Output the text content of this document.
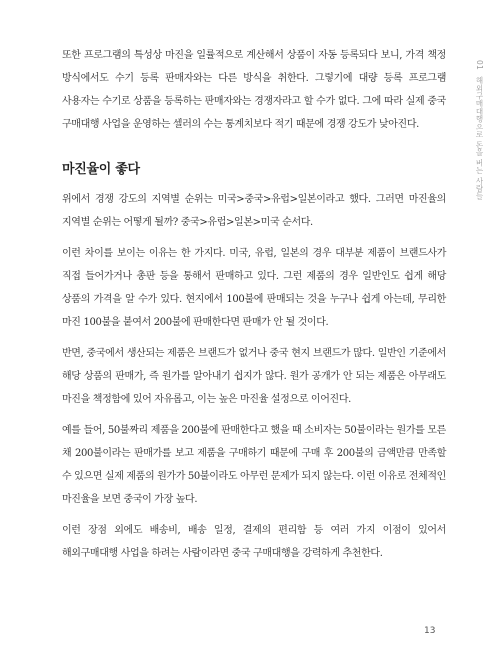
01 해외구매대행으로 돈을 버는 사람들

또한 프로그램의 특성상 마진을 일률적으로 계산해서 상품이 자동 등록되다 보니, 가격 책정 방식에서도 수기 등록 판매자와는 다른 방식을 취한다. 그렇기에 대량 등록 프로그램 사용자는 수기로 상품을 등록하는 판매자와는 경쟁자라고 할 수가 없다. 그에 따라 실제 중국 구매대행 사업을 운영하는 셀러의 수는 통계치보다 적기 때문에 경쟁 강도가 낮아진다.

마진율이 좋다

위에서 경쟁 강도의 지역별 순위는 미국>중국>유럽>일본이라고 했다. 그러면 마진율의 지역별 순위는 어떻게 될까? 중국>유럽>일본>미국 순서다.

이런 차이를 보이는 이유는 한 가지다. 미국, 유럽, 일본의 경우 대부분 제품이 브랜드사가 직접 들어가거나 총판 등을 통해서 판매하고 있다. 그런 제품의 경우 일반인도 쉽게 해당 상품의 가격을 알 수가 있다. 현지에서 100불에 판매되는 것을 누구나 쉽게 아는데, 무리한 마진 100불을 붙여서 200불에 판매한다면 판매가 안 될 것이다.

반면, 중국에서 생산되는 제품은 브랜드가 없거나 중국 현지 브랜드가 많다. 일반인 기준에서 해당 상품의 판매가, 즉 원가를 알아내기 쉽지가 않다. 원가 공개가 안 되는 제품은 아무래도 마진을 책정함에 있어 자유롭고, 이는 높은 마진율 설정으로 이어진다.

예를 들어, 50불짜리 제품을 200불에 판매한다고 했을 때 소비자는 50불이라는 원가를 모른 채 200불이라는 판매가를 보고 제품을 구매하기 때문에 구매 후 200불의 금액만큼 만족할 수 있으면 실제 제품의 원가가 50불이라도 아무런 문제가 되지 않는다. 이런 이유로 전체적인 마진율을 보면 중국이 가장 높다.

이런 장점 외에도 배송비, 배송 일정, 결제의 편리함 등 여러 가지 이점이 있어서 해외구매대행 사업을 하려는 사람이라면 중국 구매대행을 강력하게 추천한다.

13
